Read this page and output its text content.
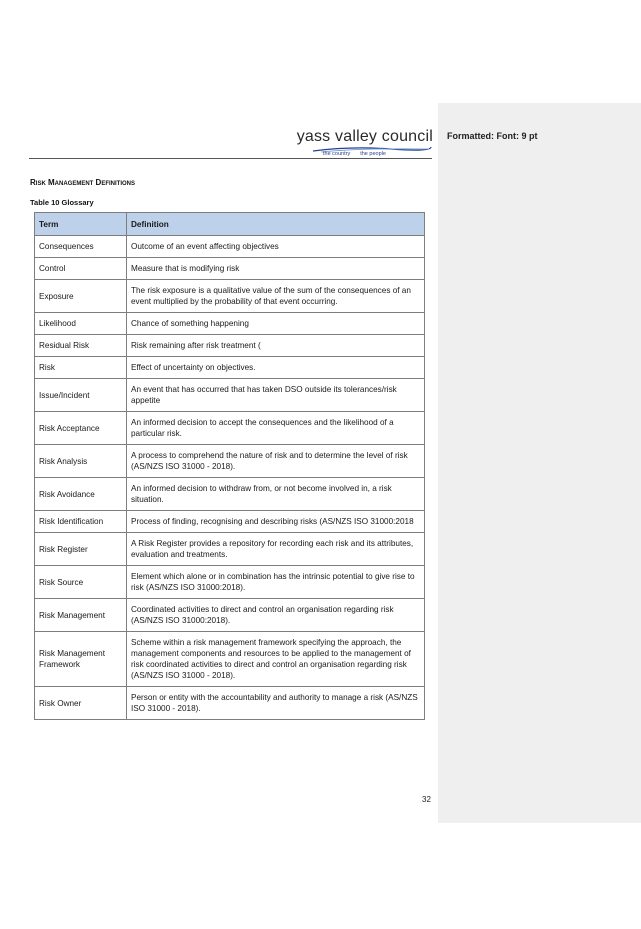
Formatted: Font: 9 pt
yass valley council
the country the people
Risk Management Definitions
Table 10 Glossary
Term	Definition
Consequences	Outcome of an event affecting objectives
Control	Measure that is modifying risk
Exposure	The risk exposure is a qualitative value of the sum of the consequences of an event multiplied by the probability of that event occurring.
Likelihood	Chance of something happening
Residual Risk	Risk remaining after risk treatment (
Risk	Effect of uncertainty on objectives.
Issue/Incident	An event that has occurred that has taken DSO outside its tolerances/risk appetite
Risk Acceptance	An informed decision to accept the consequences and the likelihood of a particular risk.
Risk Analysis	A process to comprehend the nature of risk and to determine the level of risk (AS/NZS ISO 31000 - 2018).
Risk Avoidance	An informed decision to withdraw from, or not become involved in, a risk situation.
Risk Identification	Process of finding, recognising and describing risks (AS/NZS ISO 31000:2018
Risk Register	A Risk Register provides a repository for recording each risk and its attributes, evaluation and treatments.
Risk Source	Element which alone or in combination has the intrinsic potential to give rise to risk (AS/NZS ISO 31000:2018).
Risk Management	Coordinated activities to direct and control an organisation regarding risk (AS/NZS ISO 31000:2018).
Risk Management Framework	Scheme within a risk management framework specifying the approach, the management components and resources to be applied to the management of risk coordinated activities to direct and control an organisation regarding risk (AS/NZS ISO 31000 - 2018).
Risk Owner	Person or entity with the accountability and authority to manage a risk (AS/NZS ISO 31000 - 2018).
32
